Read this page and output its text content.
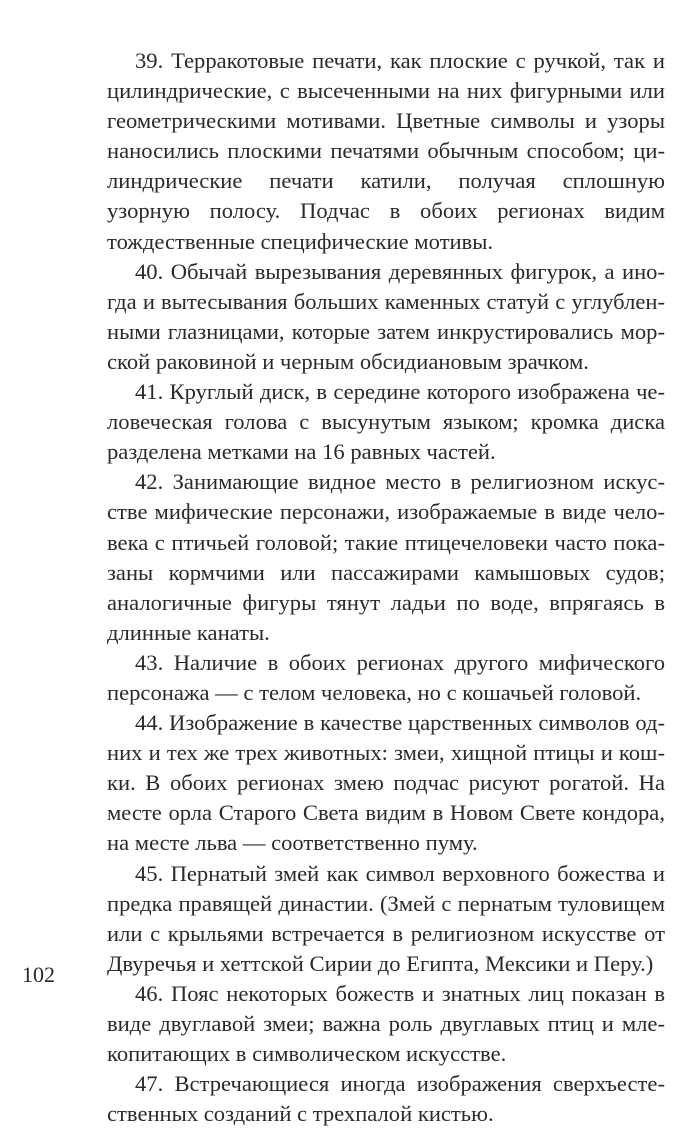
39. Терракотовые печати, как плоские с ручкой, так и цилиндрические, с высеченными на них фигурными или геометрическими мотивами. Цветные символы и узоры наносились плоскими печатями обычным способом; цилиндрические печати катили, получая сплошную узорную полосу. Подчас в обоих регионах видим тождественные специфические мотивы.

40. Обычай вырезывания деревянных фигурок, а иногда и вытесывания больших каменных статуй с углубленными глазницами, которые затем инкрустировались морской раковиной и черным обсидиановым зрачком.

41. Круглый диск, в середине которого изображена человеческая голова с высунутым языком; кромка диска разделена метками на 16 равных частей.

42. Занимающие видное место в религиозном искусстве мифические персонажи, изображаемые в виде человека с птичьей головой; такие птицечеловеки часто показаны кормчими или пассажирами камышовых судов; аналогичные фигуры тянут ладьи по воде, впрягаясь в длинные канаты.

43. Наличие в обоих регионах другого мифического персонажа — с телом человека, но с кошачьей головой.

44. Изображение в качестве царственных символов одних и тех же трех животных: змеи, хищной птицы и кошки. В обоих регионах змею подчас рисуют рогатой. На месте орла Старого Света видим в Новом Свете кондора, на месте льва — соответственно пуму.

45. Пернатый змей как символ верховного божества и предка правящей династии. (Змей с пернатым туловищем или с крыльями встречается в религиозном искусстве от Двуречья и хеттской Сирии до Египта, Мексики и Перу.)

46. Пояс некоторых божеств и знатных лиц показан в виде двуглавой змеи; важна роль двуглавых птиц и млекопитающих в символическом искусстве.

47. Встречающиеся иногда изображения сверхъестественных созданий с трехпалой кистью.

102
